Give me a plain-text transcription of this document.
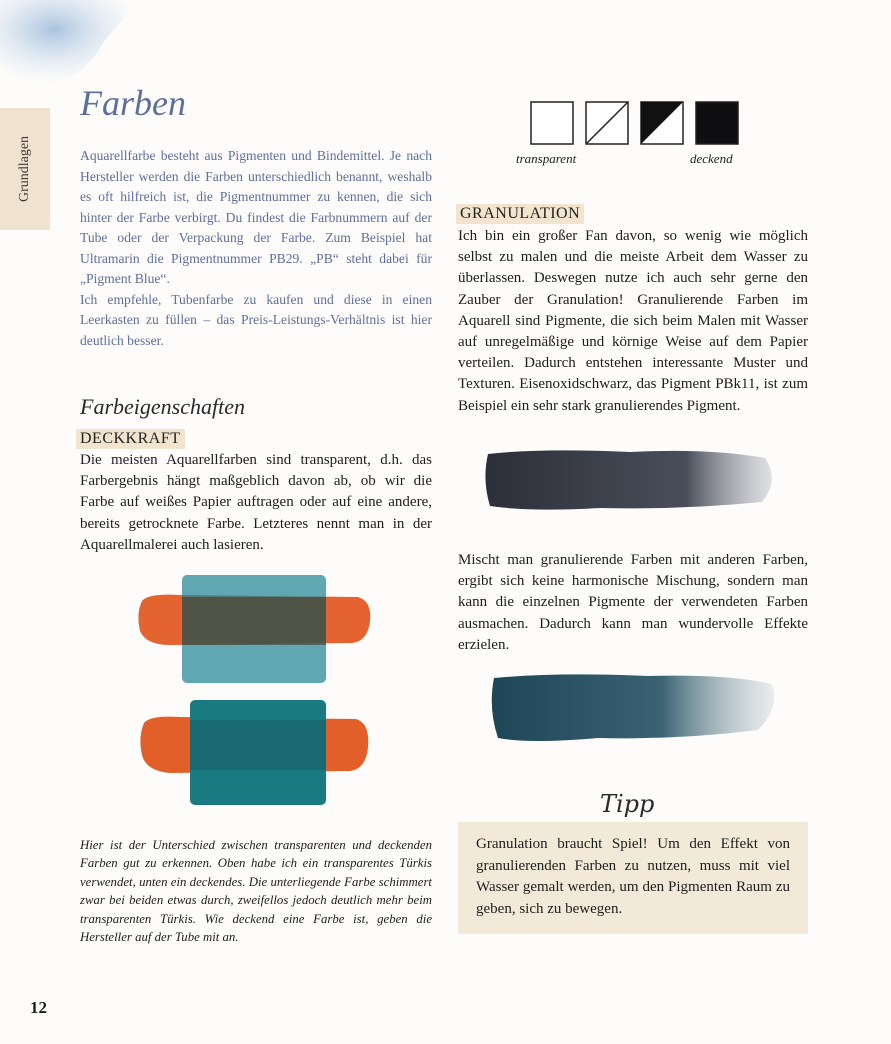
Grundlagen
Farben

Aquarellfarbe besteht aus Pigmenten und Bindemittel. Je nach Hersteller werden die Farben unterschiedlich benannt, weshalb es oft hilfreich ist, die Pigmentnummer zu kennen, die sich hinter der Farbe verbirgt. Du findest die Farbnummern auf der Tube oder der Verpackung der Farbe. Zum Beispiel hat Ultramarin die Pigmentnummer PB29. „PB“ steht dabei für „Pigment Blue“.

Ich empfehle, Tubenfarbe zu kaufen und diese in einen Leerkasten zu füllen – das Preis-Leistungs-Verhältnis ist hier deutlich besser.

Farbeigenschaften
DECKKRAFT

Die meisten Aquarellfarben sind transparent, d.h. das Farbergebnis hängt maßgeblich davon ab, ob wir die Farbe auf weißes Papier auftragen oder auf eine andere, bereits getrocknete Farbe. Letzteres nennt man in der Aquarellmalerei auch lasieren.

Hier ist der Unterschied zwischen transparenten und deckenden Farben gut zu erkennen. Oben habe ich ein transparentes Türkis verwendet, unten ein deckendes. Die unterliegende Farbe schimmert zwar bei beiden etwas durch, zweifellos jedoch deutlich mehr beim transparenten Türkis. Wie deckend eine Farbe ist, geben die Hersteller auf der Tube mit an.
transparent	deckend
GRANULATION

Ich bin ein großer Fan davon, so wenig wie möglich selbst zu malen und die meiste Arbeit dem Wasser zu überlassen. Deswegen nutze ich auch sehr gerne den Zauber der Granulation! Granulierende Farben im Aquarell sind Pigmente, die sich beim Malen mit Wasser auf unregelmäßige und körnige Weise auf dem Papier verteilen. Dadurch entstehen interessante Muster und Texturen. Eisenoxidschwarz, das Pigment PBk11, ist zum Beispiel ein sehr stark granulierendes Pigment.

Mischt man granulierende Farben mit anderen Farben, ergibt sich keine harmonische Mischung, sondern man kann die einzelnen Pigmente der verwendeten Farben ausmachen. Dadurch kann man wundervolle Effekte erzielen.

Tipp
Granulation braucht Spiel! Um den Effekt von granulierenden Farben zu nutzen, muss mit viel Wasser gemalt werden, um den Pigmenten Raum zu geben, sich zu bewegen.
12
